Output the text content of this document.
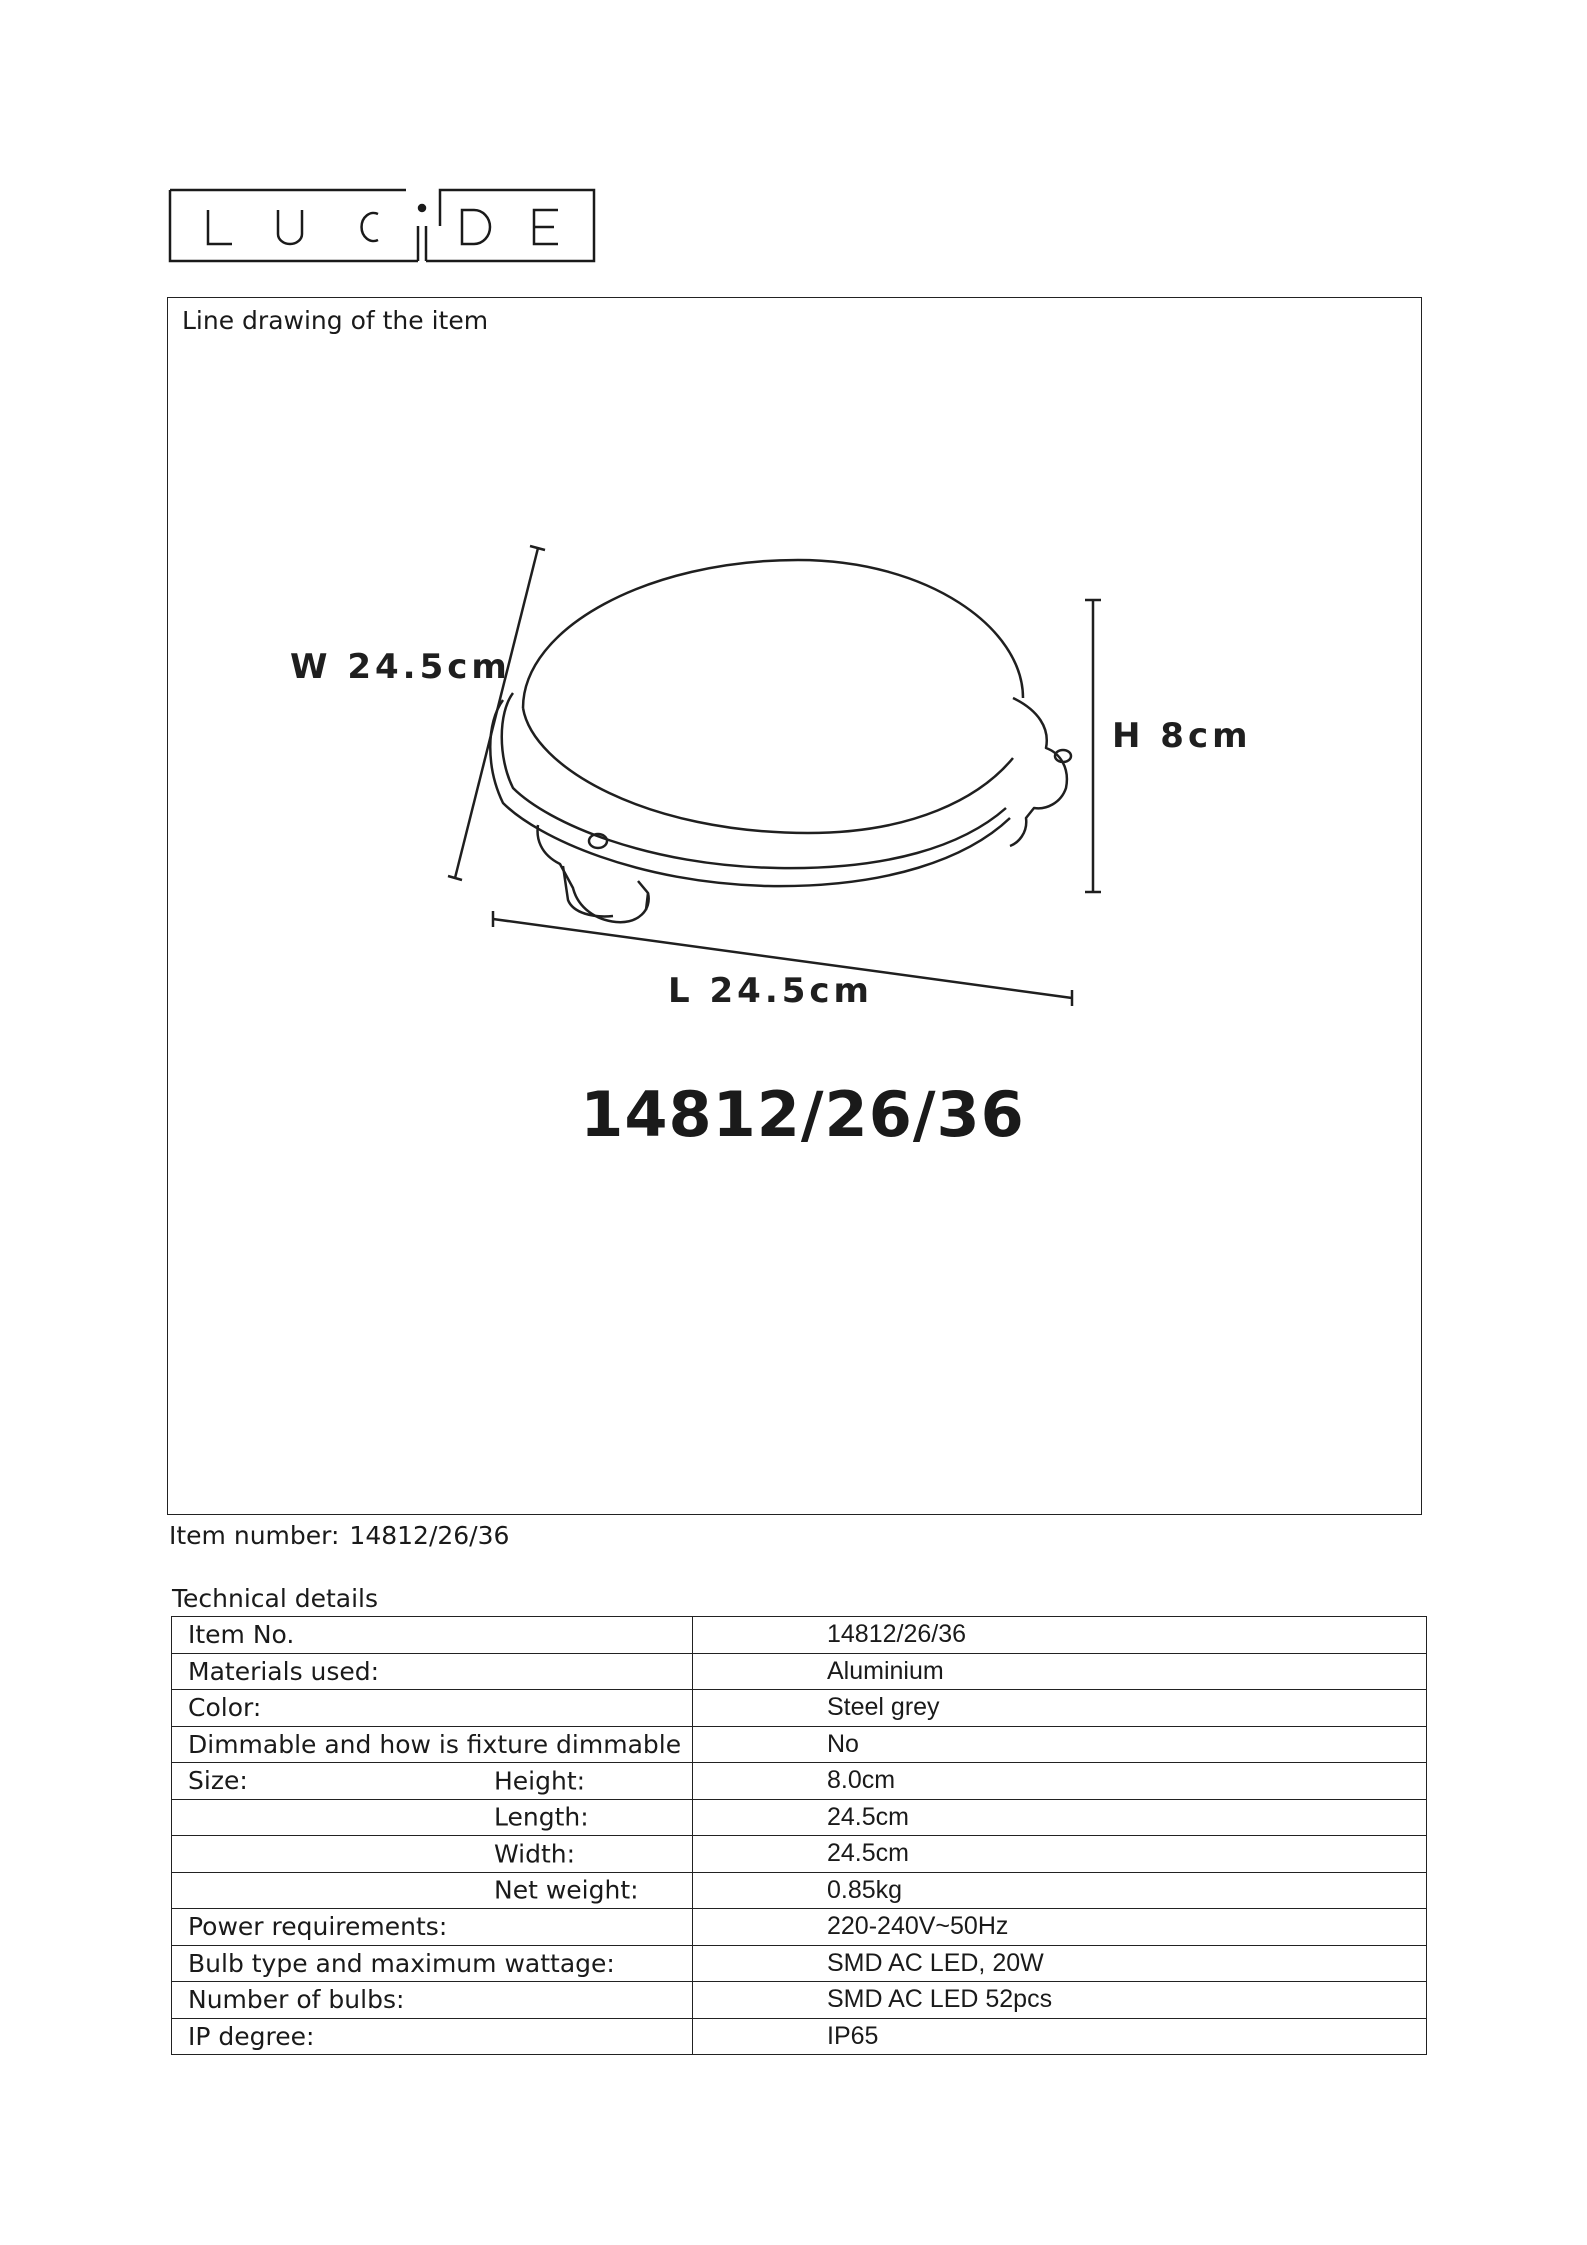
Line drawing of the item
W 24.5cm
H 8cm
L 24.5cm
14812/26/36
Item number: 14812/26/36
Technical details
Item No.	14812/26/36
Materials used:	Aluminium
Color:	Steel grey
Dimmable and how is fixture dimmable	No
Size: Height:	8.0cm

Length:	24.5cm

Width:	24.5cm

Net weight:	0.85kg
Power requirements:	220-240V~50Hz
Bulb type and maximum wattage:	SMD AC LED, 20W
Number of bulbs:	SMD AC LED 52pcs
IP degree:	IP65
